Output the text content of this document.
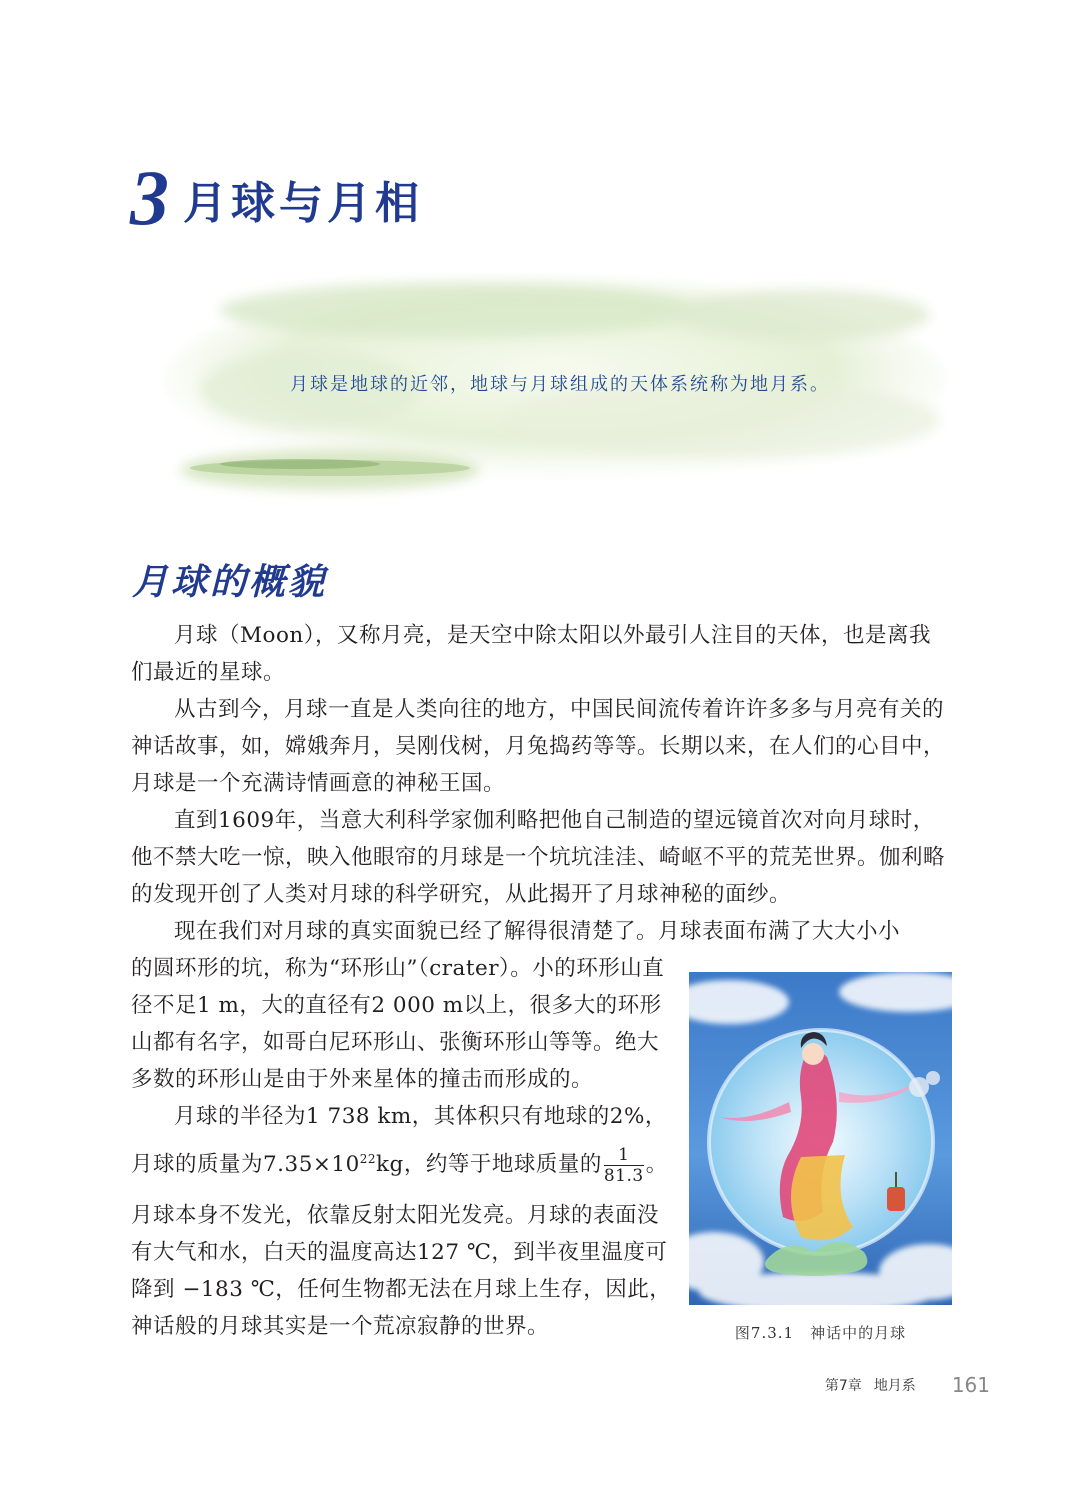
3 月球与月相
月球是地球的近邻，地球与月球组成的天体系统称为地月系。
月球的概貌

月球（Moon），又称月亮，是天空中除太阳以外最引人注目的天体，也是离我们最近的星球。

从古到今，月球一直是人类向往的地方，中国民间流传着许许多多与月亮有关的神话故事，如，嫦娥奔月，吴刚伐树，月兔捣药等等。长期以来，在人们的心目中，月球是一个充满诗情画意的神秘王国。

直到1609年，当意大利科学家伽利略把他自己制造的望远镜首次对向月球时，他不禁大吃一惊，映入他眼帘的月球是一个坑坑洼洼、崎岖不平的荒芜世界。伽利略的发现开创了人类对月球的科学研究，从此揭开了月球神秘的面纱。

现在我们对月球的真实面貌已经了解得很清楚了。月球表面布满了大大小小

的圆环形的坑，称为“环形山”（crater）。小的环形山直径不足1 m，大的直径有2 000 m以上，很多大的环形山都有名字，如哥白尼环形山、张衡环形山等等。绝大多数的环形山是由于外来星体的撞击而形成的。

月球的半径为1 738 km，其体积只有地球的2%，

月球的质量为$7.35\times 10^{22}kg$，约等于地球质量的 $\frac{1}{81.3}$ 。

月球本身不发光，依靠反射太阳光发亮。月球的表面没有大气和水，白天的温度高达127 ℃，到半夜里温度可降到 −183 ℃，任何生物都无法在月球上生存，因此，神话般的月球其实是一个荒凉寂静的世界。	图7.3.1　神话中的月球
第7章 地月系 161
